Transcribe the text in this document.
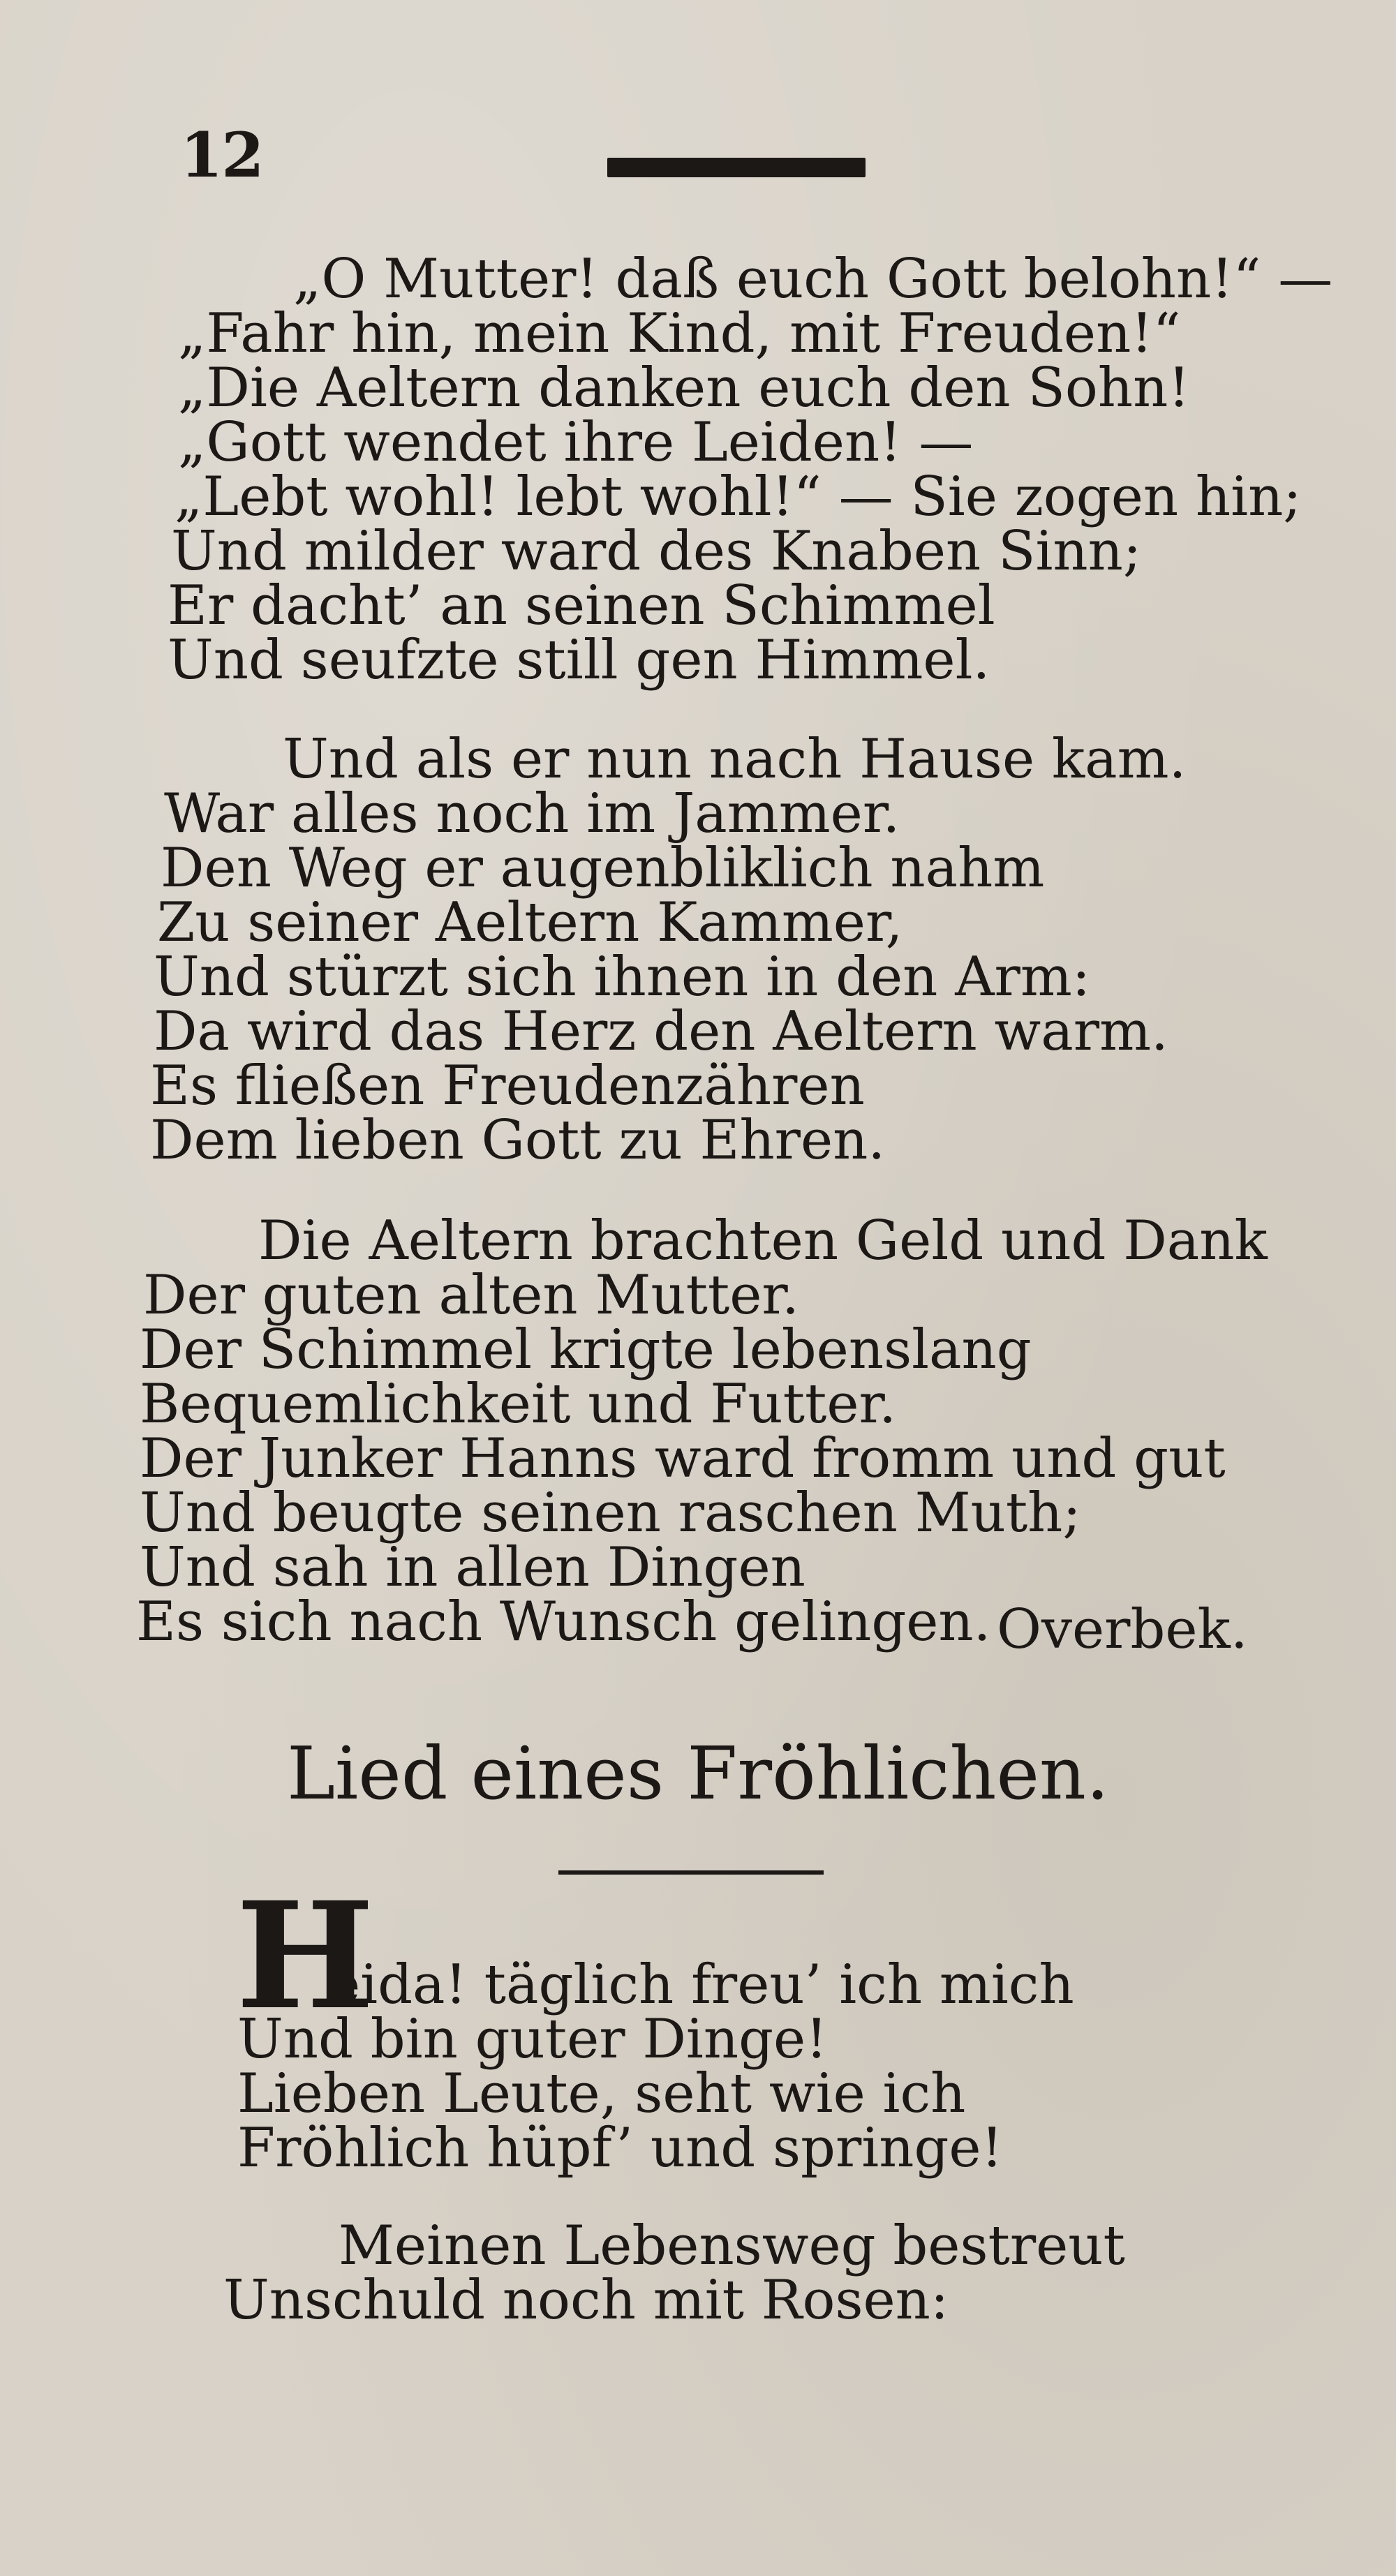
12
„O Mutter! daß euch Gott belohn!“ —
„Fahr hin, mein Kind, mit Freuden!“
„Die Aeltern danken euch den Sohn!
„Gott wendet ihre Leiden! —
„Lebt wohl! lebt wohl!“ — Sie zogen hin;
Und milder ward des Knaben Sinn;
Er dacht’ an seinen Schimmel
Und seufzte still gen Himmel.
Und als er nun nach Hause kam.
War alles noch im Jammer.
Den Weg er augenbliklich nahm
Zu seiner Aeltern Kammer,
Und stürzt sich ihnen in den Arm:
Da wird das Herz den Aeltern warm.
Es fließen Freudenzähren
Dem lieben Gott zu Ehren.
Die Aeltern brachten Geld und Dank
Der guten alten Mutter.
Der Schimmel krigte lebenslang
Bequemlichkeit und Futter.
Der Junker Hanns ward fromm und gut
Und beugte seinen raschen Muth;
Und sah in allen Dingen
Es sich nach Wunsch gelingen. Overbek.
Lied eines Fröhlichen.
H
eida! täglich freu’ ich mich
Und bin guter Dinge!
Lieben Leute, seht wie ich
Fröhlich hüpf’ und springe!
Meinen Lebensweg bestreut
Unschuld noch mit Rosen:
